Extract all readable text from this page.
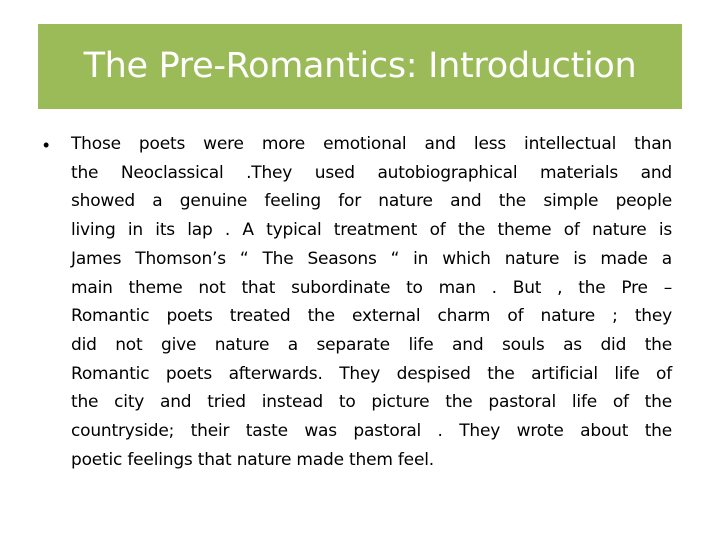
The Pre-Romantics: Introduction
• Those poets were more emotional and less intellectual than
the Neoclassical .They used autobiographical materials and
showed a genuine feeling for nature and the simple people
living in its lap . A typical treatment of the theme of nature is
James Thomson’s “ The Seasons “ in which nature is made a
main theme not that subordinate to man . But , the Pre –
Romantic poets treated the external charm of nature ; they
did not give nature a separate life and souls as did the
Romantic poets afterwards. They despised the artificial life of
the city and tried instead to picture the pastoral life of the
countryside; their taste was pastoral . They wrote about the
poetic feelings that nature made them feel.
